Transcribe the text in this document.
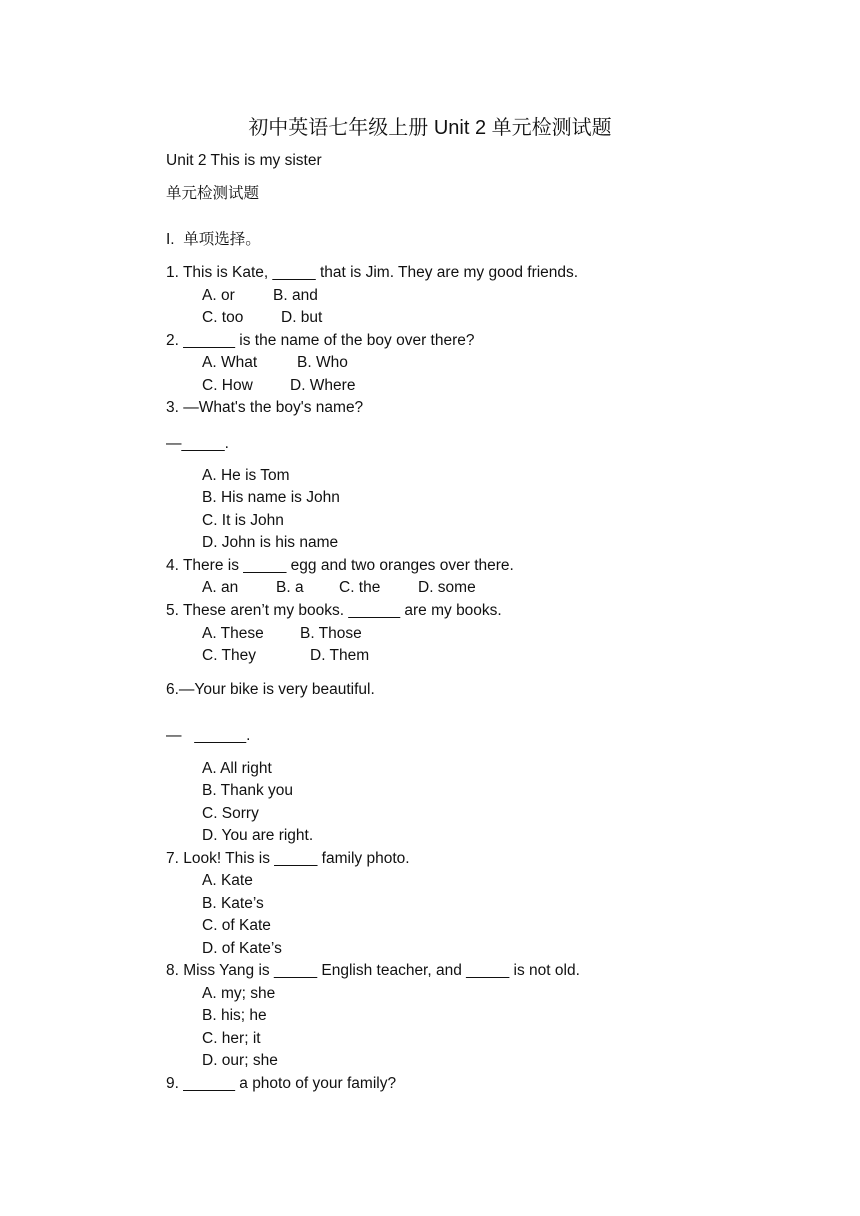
初中英语七年级上册 Unit 2 单元检测试题
Unit 2 This is my sister
单元检测试题
I.  单项选择。
1. This is Kate, _____ that is Jim. They are my good friends.
A. or B. and
C. too D. but
2. ______ is the name of the boy over there?
A. What	B. Who
C. How D. Where
3. —What's the boy's name?
—_____.
A. He is Tom
B. His name is John
C. It is John
D. John is his name
4. There is _____ egg and two oranges over there.
A. an B. a C. the D. some
5. These aren’t my books. ______ are my books.
A. These B. Those
C. They	D. Them
6.—Your bike is very beautiful.
—   ______.
A. All right
B. Thank you
C. Sorry
D. You are right.
7. Look! This is _____ family photo.
A. Kate
B. Kate’s
C. of Kate
D. of Kate’s
8. Miss Yang is _____ English teacher, and _____ is not old.
A. my; she
B. his; he
C. her; it
D. our; she
9. ______ a photo of your family?
